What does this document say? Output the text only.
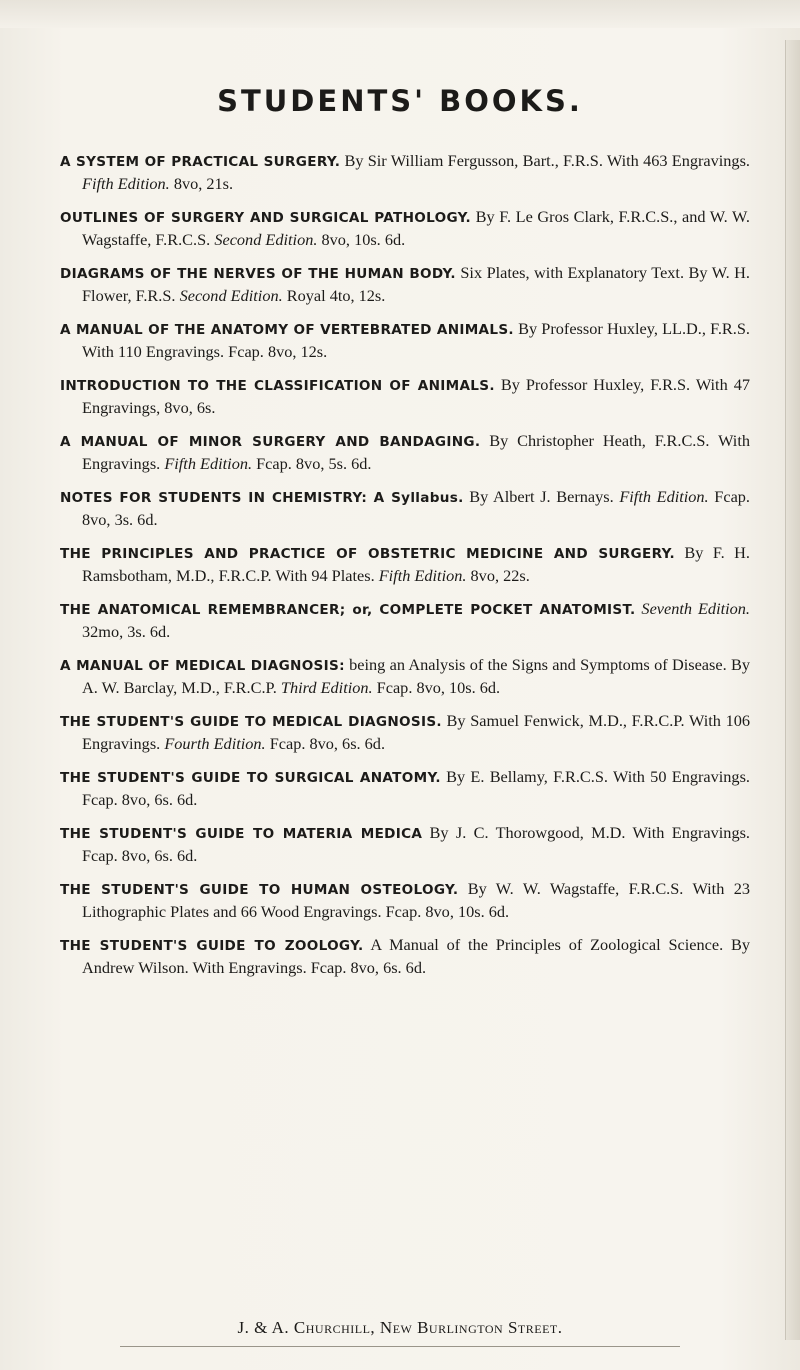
STUDENTS' BOOKS.

A SYSTEM OF PRACTICAL SURGERY. By Sir William Fergusson, Bart., F.R.S. With 463 Engravings. Fifth Edition. 8vo, 21s.

OUTLINES OF SURGERY AND SURGICAL PATHOLOGY. By F. Le Gros Clark, F.R.C.S., and W. W. Wagstaffe, F.R.C.S. Second Edition. 8vo, 10s. 6d.

DIAGRAMS OF THE NERVES OF THE HUMAN BODY. Six Plates, with Explanatory Text. By W. H. Flower, F.R.S. Second Edition. Royal 4to, 12s.

A MANUAL OF THE ANATOMY OF VERTEBRATED ANIMALS. By Professor Huxley, LL.D., F.R.S. With 110 Engravings. Fcap. 8vo, 12s.

INTRODUCTION TO THE CLASSIFICATION OF ANIMALS. By Professor Huxley, F.R.S. With 47 Engravings, 8vo, 6s.

A MANUAL OF MINOR SURGERY AND BANDAGING. By Christopher Heath, F.R.C.S. With Engravings. Fifth Edition. Fcap. 8vo, 5s. 6d.

NOTES FOR STUDENTS IN CHEMISTRY: A Syllabus. By Albert J. Bernays. Fifth Edition. Fcap. 8vo, 3s. 6d.

THE PRINCIPLES AND PRACTICE OF OBSTETRIC MEDICINE AND SURGERY. By F. H. Ramsbotham, M.D., F.R.C.P. With 94 Plates. Fifth Edition. 8vo, 22s.

THE ANATOMICAL REMEMBRANCER; or, COMPLETE POCKET ANATOMIST. Seventh Edition. 32mo, 3s. 6d.

A MANUAL OF MEDICAL DIAGNOSIS: being an Analysis of the Signs and Symptoms of Disease. By A. W. Barclay, M.D., F.R.C.P. Third Edition. Fcap. 8vo, 10s. 6d.

THE STUDENT'S GUIDE TO MEDICAL DIAGNOSIS. By Samuel Fenwick, M.D., F.R.C.P. With 106 Engravings. Fourth Edition. Fcap. 8vo, 6s. 6d.

THE STUDENT'S GUIDE TO SURGICAL ANATOMY. By E. Bellamy, F.R.C.S. With 50 Engravings. Fcap. 8vo, 6s. 6d.

THE STUDENT'S GUIDE TO MATERIA MEDICA By J. C. Thorowgood, M.D. With Engravings. Fcap. 8vo, 6s. 6d.

THE STUDENT'S GUIDE TO HUMAN OSTEOLOGY. By W. W. Wagstaffe, F.R.C.S. With 23 Lithographic Plates and 66 Wood Engravings. Fcap. 8vo, 10s. 6d.

THE STUDENT'S GUIDE TO ZOOLOGY. A Manual of the Principles of Zoological Science. By Andrew Wilson. With Engravings. Fcap. 8vo, 6s. 6d.

J. & A. Churchill, New Burlington Street.
